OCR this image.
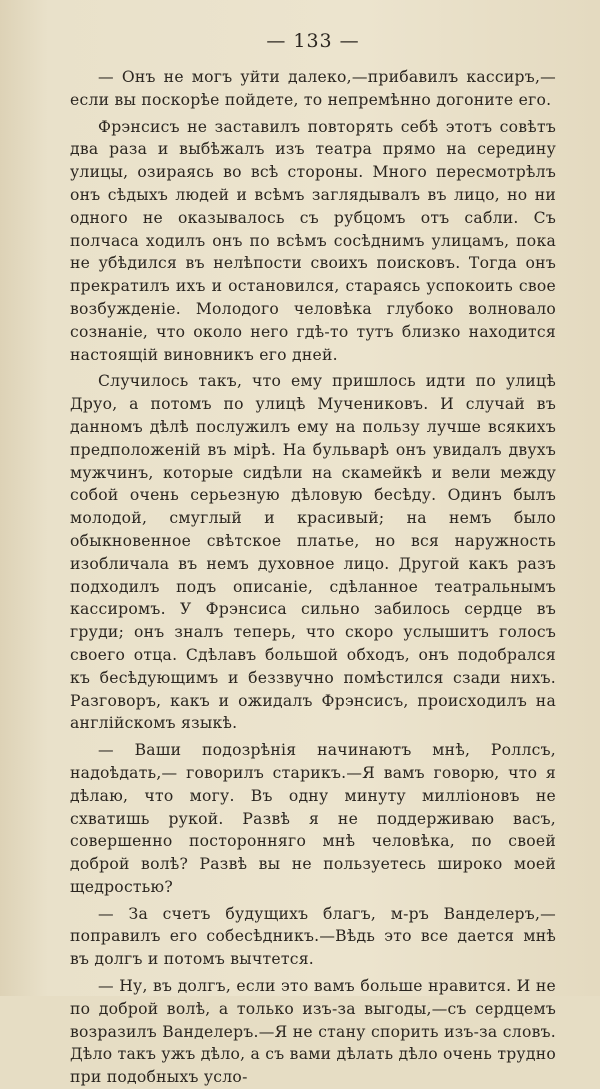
— 133 —

— Онъ не могъ уйти далеко,—прибавилъ кассиръ,—если вы поскорѣе пойдете, то непремѣнно догоните его.

Фрэнсисъ не заставилъ повторять себѣ этотъ совѣтъ два раза и выбѣжалъ изъ театра прямо на середину улицы, озираясь во всѣ стороны. Много пересмотрѣлъ онъ сѣдыхъ людей и всѣмъ заглядывалъ въ лицо, но ни одного не оказывалось съ рубцомъ отъ сабли. Съ полчаса ходилъ онъ по всѣмъ сосѣднимъ улицамъ, пока не убѣдился въ нелѣпости своихъ поисковъ. Тогда онъ прекратилъ ихъ и остановился, стараясь успокоить свое возбужденіе. Молодого человѣка глубоко волновало сознаніе, что около него гдѣ-то тутъ близко находится настоящій виновникъ его дней.

Случилось такъ, что ему пришлось идти по улицѣ Друо, а потомъ по улицѣ Мучениковъ. И случай въ данномъ дѣлѣ послужилъ ему на пользу лучше всякихъ предположеній въ мірѣ. На бульварѣ онъ увидалъ двухъ мужчинъ, которые сидѣли на скамейкѣ и вели между собой очень серьезную дѣловую бесѣду. Одинъ былъ молодой, смуглый и красивый; на немъ было обыкновенное свѣтское платье, но вся наружность изобличала въ немъ духовное лицо. Другой какъ разъ подходилъ подъ описаніе, сдѣланное театральнымъ кассиромъ. У Фрэнсиса сильно забилось сердце въ груди; онъ зналъ теперь, что скоро услышитъ голосъ своего отца. Сдѣлавъ большой обходъ, онъ подобрался къ бесѣдующимъ и беззвучно помѣстился сзади нихъ. Разговоръ, какъ и ожидалъ Фрэнсисъ, происходилъ на англійскомъ языкѣ.

— Ваши подозрѣнія начинаютъ мнѣ, Роллсъ, надоѣдать,— говорилъ старикъ.—Я вамъ говорю, что я дѣлаю, что могу. Въ одну минуту милліоновъ не схватишь рукой. Развѣ я не поддерживаю васъ, совершенно посторонняго мнѣ человѣка, по своей доброй волѣ? Развѣ вы не пользуетесь широко моей щедростью?

— За счетъ будущихъ благъ, м-ръ Ванделеръ,—поправилъ его собесѣдникъ.—Вѣдь это все дается мнѣ въ долгъ и потомъ вычтется.

— Ну, въ долгъ, если это вамъ больше нравится. И не по доброй волѣ, а только изъ-за выгоды,—съ сердцемъ возразилъ Ванделеръ.—Я не стану спорить изъ-за словъ. Дѣло такъ ужъ дѣло, а съ вами дѣлать дѣло очень трудно при подобныхъ усло-
